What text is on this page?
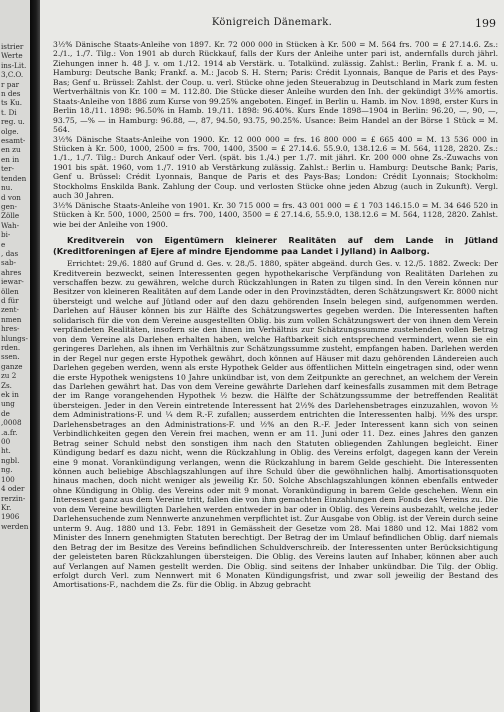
istrier
Werte
ins-Lit.
3,C.O.
r par
n des
ts Ku.
t. Di
reg. u.
olge.
esamt-
en zu
en in
ter-
tenden
nu.
d von
gen-
Zölle
Wah-
bi-
e
, das
sab-
ahres
iewar-
öllen
d für
zent-
nmen
hres-
hlungs-
rden.
ssen.
ganze
zu 2
Zs.
ek in
ung
de
,0008
.a.fr.
00
ht.
ngbl.
ng.
100
4 oder
rerzin-
Kr.
1906
werden
Königreich Dänemark.	199

3½% Dänische Staats-Anleihe von 1897. Kr. 72 000 000 in Stücken à Kr. 500 = M. 564 frs. 700 = £ 27.14.6. Zs.: 2./1., 1./7. Tilg.: Von 1901 ab durch Rückkauf, falls der Kurs der Anleihe unter pari ist, andernfalls durch jährl. Ziehungen inner h. 48 J. v. om 1./12. 1914 ab Verstärk. u. Totalkünd. zulässig. Zahlst.: Berlin, Frank f. a. M. u. Hamburg: Deutsche Bank; Frankf. a. M.: Jacob S. H. Stern; Paris: Crédit Lyonnais, Banque de Paris et des Pays-Bas; Genf u. Brüssel: Zahlst. der Coup. u. verl. Stücke ohne jeden Steuerabzug in Deutschland in Mark zum festen Wertverhältnis von Kr. 100 = M. 112.80. Die Stücke dieser Anleihe wurden den Inh. der gekündigt 3½% amortis. Staats-Anleihe von 1886 zum Kurse von 99.25% angeboten. Eingef. in Berlin u. Hamb. im Nov. 1898, erster Kurs in Berlin 18./11. 1898: 96.50% in Hamb. 19./11. 1898: 96.40%. Kurs Ende 1898—1904 in Berlin: 96.20, —, 90, —, 93.75, —% — in Hamburg: 96.88, —, 87, 94.50, 93.75, 90.25%. Usance: Beim Handel an der Börse 1 Stück = M. 564.

3½% Dänische Staats-Anleihe von 1900. Kr. 12 000 000 = frs. 16 800 000 = £ 665 400 = M. 13 536 000 in Stücken à Kr. 500, 1000, 2500 = frs. 700, 1400, 3500 = £ 27.14.6. 55.9.0, 138.12.6 = M. 564, 1128, 2820. Zs.: 1./1., 1./7. Tilg.: Durch Ankauf oder Verl. (spät. bis 1./4.) per 1./7. mit jährl. Kr. 200 000 ohne Zs.-Zuwachs von 1901 bis spät. 1960, vom 1./7. 1910 ab Verstärkung zulässig. Zahlst.: Berlin u. Hamburg: Deutsche Bank; Paris, Genf u. Brüssel: Crédit Lyonnais, Banque de Paris et des Pays-Bas; London: Crédit Lyonnais; Stockholm: Stockholms Enskilda Bank. Zahlung der Coup. und verlosten Stücke ohne jeden Abzug (auch in Zukunft). Vergl. auch 30 Jahren.

3½% Dänische Staats-Anleihe von 1901. Kr. 30 715 000 = frs. 43 001 000 = £ 1 703 146.15.0 = M. 34 646 520 in Stücken à Kr. 500, 1000, 2500 = frs. 700, 1400, 3500 = £ 27.14.6, 55.9.0, 138.12.6 = M. 564, 1128, 2820. Zahlst. wie bei der Anleihe von 1900.

Kreditverein von Eigentümern kleinerer Realitäten auf dem Lande in Jütland (Kreditforeningen af Ejere af mindre Ejendomme paa Landet i Jylland) in Aalborg.

Errichtet: 29./6. 1880 auf Grund d. Ges. v. 28./5. 1880, später abgeänd. durch Ges. v. 12./5. 1882. Zweck: Der Kreditverein bezweckt, seinen Interessenten gegen hypothekarische Verpfändung von Realitäten Darlehen zu verschaffen bezw. zu gewähren, welche durch Rückzahlungen in Raten zu tilgen sind. In den Verein können nur Besitzer von kleineren Realitäten auf dem Lande oder in den Provinzstädten, deren Schätzungswert Kr. 8000 nicht übersteigt und welche auf Jütland oder auf den dazu gehörenden Inseln belegen sind, aufgenommen werden. Darlehen auf Häuser können bis zur Hälfte des Schätzungswertes gegeben werden. Die Interessenten haften solidarisch für die von dem Vereine ausgestellten Oblig. bis zum vollen Schätzungswert der von ihnen dem Verein verpfändeten Realitäten, insofern sie den ihnen im Verhältnis zur Schätzungssumme zustehenden vollen Betrag von dem Vereine als Darlehen erhalten haben, welche Haftbarkeit sich entsprechend vermindert, wenn sie ein geringeres Darlehen, als ihnen im Verhältnis zur Schätzungssumme zusteht, empfangen haben. Darlehen werden in der Regel nur gegen erste Hypothek gewährt, doch können auf Häuser mit dazu gehörenden Ländereien auch Darlehen gegeben werden, wenn als erste Hypothek Gelder aus öffentlichen Mitteln eingetragen sind, oder wenn die erste Hypothek wenigstens 10 Jahre unkündbar ist, von dem Zeitpunkte an gerechnet, an welchem der Verein das Darlehen gewährt hat. Das von dem Vereine gewährte Darlehen darf keinesfalls zusammen mit dem Betrage der im Range vorangehenden Hypothek ½ bezw. die Hälfte der Schätzungssumme der betreffenden Realität übersteigen. Jeder in den Verein eintretende Interessent hat 2½% des Darlehensbetrages einzuzahlen, wovon ½ dem Administrations-F. und ¼ dem R.-F. zufallen; ausserdem entrichten die Interessenten halbj. ½% des urspr. Darlehensbetrages an den Administrations-F. und ½% an den R.-F. Jeder Interessent kann sich von seinen Verbindlichkeiten gegen den Verein frei machen, wenn er am 11. Juni oder 11. Dez. eines Jahres den ganzen Betrag seiner Schuld nebst den sonstigen ihm nach den Statuten obliegenden Zahlungen begleicht. Einer Kündigung bedarf es dazu nicht, wenn die Rückzahlung in Oblig. des Vereins erfolgt, dagegen kann der Verein eine 9 monat. Vorankündigung verlangen, wenn die Rückzahlung in barem Gelde geschieht. Die Interessenten können auch beliebige Abschlagszahlungen auf ihre Schuld über die gewöhnlichen halbj. Amortisationsquoten hinaus machen, doch nicht weniger als jeweilig Kr. 50. Solche Abschlagszahlungen können ebenfalls entweder ohne Kündigung in Oblig. des Vereins oder mit 9 monat. Vorankündigung in barem Gelde geschehen. Wenn ein Interessent ganz aus dem Vereine tritt, fallen die von ihm gemachten Einzahlungen dem Fonds des Vereins zu. Die von dem Vereine bewilligten Darlehen werden entweder in bar oder in Oblig. des Vereins ausbezahlt, welche jeder Darlehensuchende zum Nennwerte anzunehmen verpflichtet ist. Zur Ausgabe von Oblig. ist der Verein durch seine unterm 9. Aug. 1880 und 13. Febr. 1891 in Gemässheit der Gesetze vom 28. Mai 1880 und 12. Mai 1882 vom Minister des Innern genehmigten Statuten berechtigt. Der Betrag der im Umlauf befindlichen Oblig. darf niemals den Betrag der im Besitze des Vereins befindlichen Schuldverschreib. der Interessenten unter Berücksichtigung der geleisteten baren Rückzahlungen übersteigen. Die Oblig. des Vereins lauten auf Inhaber, können aber auch auf Verlangen auf Namen gestellt werden. Die Oblig. sind seitens der Inhaber unkündbar. Die Tilg. der Oblig. erfolgt durch Verl. zum Nennwert mit 6 Monaten Kündigungsfrist, und zwar soll jeweilig der Bestand des Amortisations-F., nachdem die Zs. für die Oblig. in Abzug gebracht
